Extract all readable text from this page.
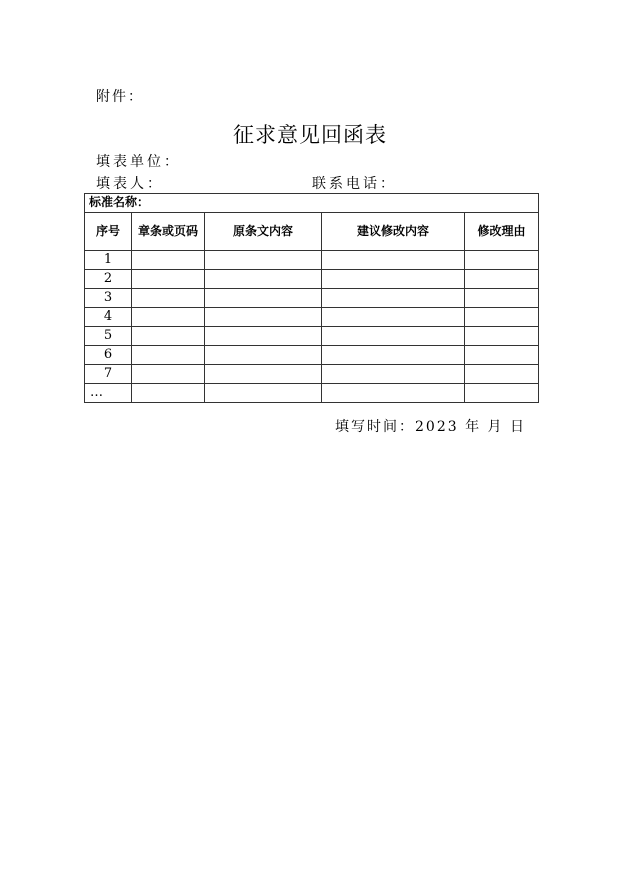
附件：
征求意见回函表
填表单位：
填表人：	联系电话：
标准名称：				
序号	章条或页码	原条文内容	建议修改内容	修改理由
1				
2				
3				
4				
5				
6				
7				
…				
填写时间：2023 年 月 日
